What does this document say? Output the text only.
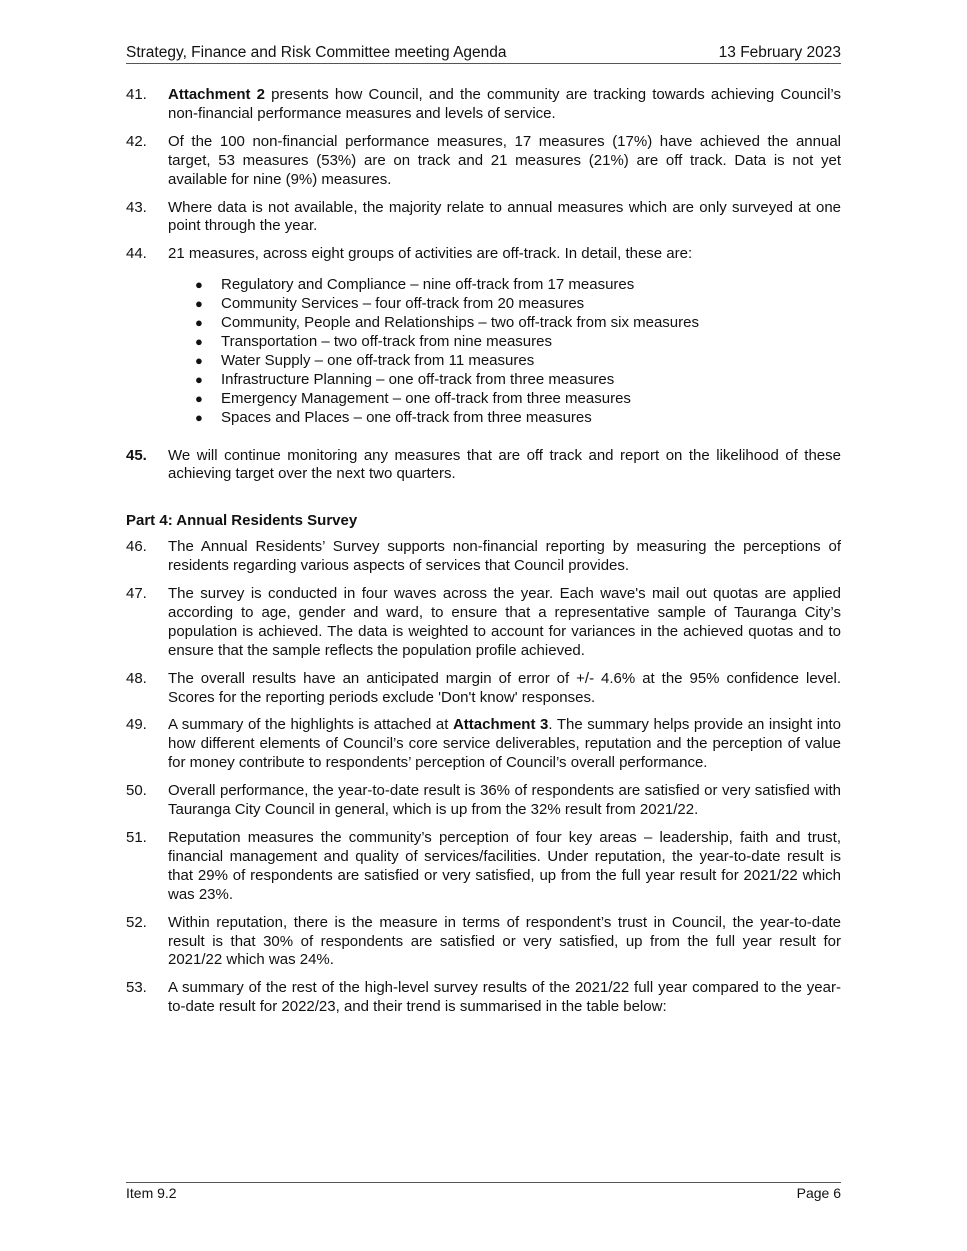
Strategy, Finance and Risk Committee meeting Agenda	13 February 2023
41.	Attachment 2 presents how Council, and the community are tracking towards achieving Council’s non-financial performance measures and levels of service.
42.	Of the 100 non-financial performance measures, 17 measures (17%) have achieved the annual target, 53 measures (53%) are on track and 21 measures (21%) are off track. Data is not yet available for nine (9%) measures.
43.	Where data is not available, the majority relate to annual measures which are only surveyed at one point through the year.
44.	21 measures, across eight groups of activities are off-track. In detail, these are:
●	Regulatory and Compliance – nine off-track from 17 measures
●	Community Services – four off-track from 20 measures
●	Community, People and Relationships – two off-track from six measures
●	Transportation – two off-track from nine measures
●	Water Supply – one off-track from 11 measures
●	Infrastructure Planning – one off-track from three measures
●	Emergency Management – one off-track from three measures
●	Spaces and Places – one off-track from three measures
45.	We will continue monitoring any measures that are off track and report on the likelihood of these achieving target over the next two quarters.
Part 4: Annual Residents Survey
46.	The Annual Residents’ Survey supports non-financial reporting by measuring the perceptions of residents regarding various aspects of services that Council provides.
47.	The survey is conducted in four waves across the year. Each wave's mail out quotas are applied according to age, gender and ward, to ensure that a representative sample of Tauranga City’s population is achieved. The data is weighted to account for variances in the achieved quotas and to ensure that the sample reflects the population profile achieved.
48.	The overall results have an anticipated margin of error of +/- 4.6% at the 95% confidence level. Scores for the reporting periods exclude 'Don't know' responses.
49.	A summary of the highlights is attached at Attachment 3. The summary helps provide an insight into how different elements of Council’s core service deliverables, reputation and the perception of value for money contribute to respondents’ perception of Council’s overall performance.
50.	Overall performance, the year-to-date result is 36% of respondents are satisfied or very satisfied with Tauranga City Council in general, which is up from the 32% result from 2021/22.
51.	Reputation measures the community’s perception of four key areas – leadership, faith and trust, financial management and quality of services/facilities. Under reputation, the year-to-date result is that 29% of respondents are satisfied or very satisfied, up from the full year result for 2021/22 which was 23%.
52.	Within reputation, there is the measure in terms of respondent’s trust in Council, the year-to-date result is that 30% of respondents are satisfied or very satisfied, up from the full year result for 2021/22 which was 24%.
53.	A summary of the rest of the high-level survey results of the 2021/22 full year compared to the year-to-date result for 2022/23, and their trend is summarised in the table below:
Item 9.2	Page 6
